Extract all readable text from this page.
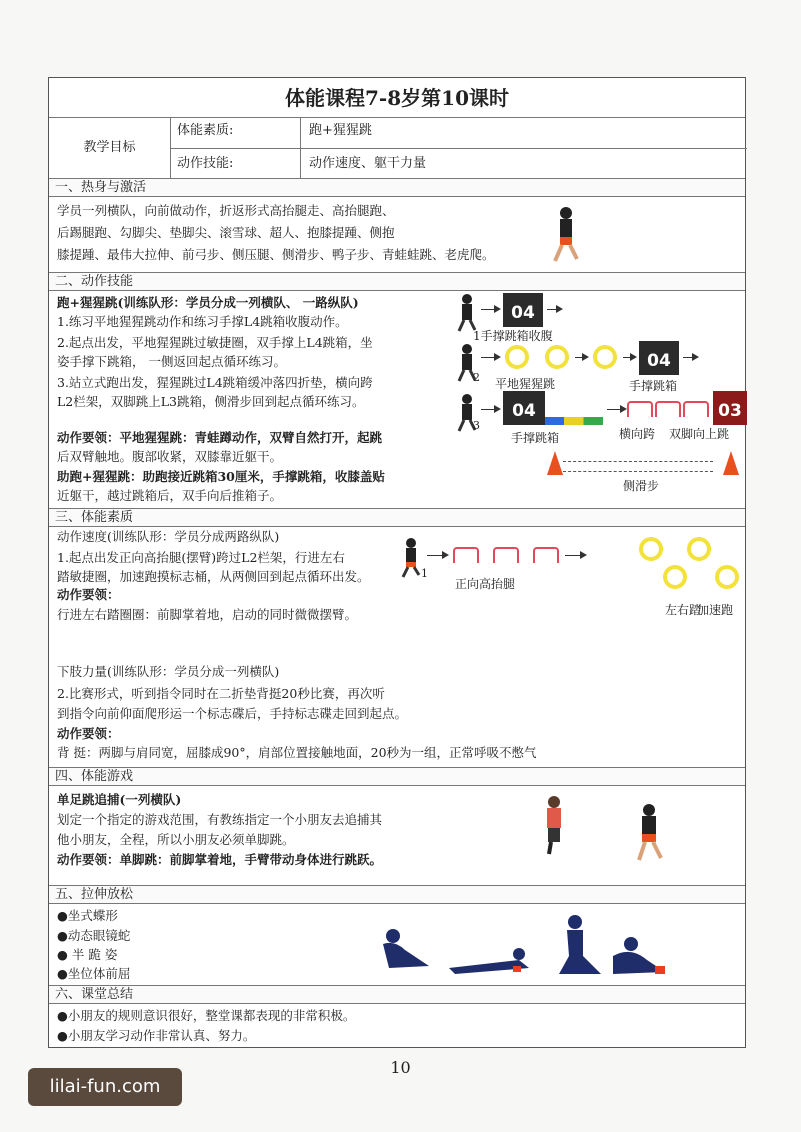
体能课程7-8岁第10课时
教学目标
体能素质:	跑+猩猩跳
动作技能:	动作速度、躯干力量
一、热身与激活
学员一列横队，向前做动作，折返形式高抬腿走、高抬腿跑、
后踢腿跑、勾脚尖、垫脚尖、滚雪球、超人、抱膝提踵、侧抱
膝提踵、最伟大拉伸、前弓步、侧压腿、侧滑步、鸭子步、青蛙蛙跳、老虎爬。
二、动作技能
跑+猩猩跳(训练队形：学员分成一列横队、 一路纵队)
1.练习平地猩猩跳动作和练习手撑L4跳箱收腹动作。
2.起点出发，平地猩猩跳过敏捷圈，双手撑上L4跳箱，坐
姿手撑下跳箱， 一侧返回起点循环练习。
3.站立式跑出发，猩猩跳过L4跳箱缓冲落四折垫，横向跨
L2栏架，双脚跳上L3跳箱，侧滑步回到起点循环练习。
动作要领：平地猩猩跳：青蛙蹲动作，双臂自然打开，起跳
后双臂触地。腹部收紧，双膝靠近躯干。
助跑+猩猩跳：助跑接近跳箱30厘米，手撑跳箱，收膝盖贴
近躯干，越过跳箱后，双手向后推箱子。
04
1手撑跳箱收腹
2
04
平地猩猩跳	手撑跳箱
3
04	03
手撑跳箱	横向跨 双脚向上跳
侧滑步
三、体能素质
动作速度(训练队形：学员分成两路纵队)
1.起点出发正向高抬腿(摆臂)跨过L2栏架，行进左右
踏敏捷圈，加速跑摸标志桶，从两侧回到起点循环出发。
动作要领：
行进左右踏圈圈：前脚掌着地，启动的同时微微摆臂。
下肢力量(训练队形：学员分成一列横队)
2.比赛形式，听到指令同时在二折垫背挺20秒比赛，再次听
到指令向前仰面爬形运一个标志碟后，手持标志碟走回到起点。
动作要领：
背 挺：两脚与肩同宽，屈膝成90°，肩部位置接触地面，20秒为一组，正常呼吸不憋气
1
正向高抬腿
左右踏
加速跑
四、体能游戏
单足跳追捕(一列横队)
划定一个指定的游戏范围，有教练指定一个小朋友去追捕其
他小朋友，全程，所以小朋友必须单脚跳。
动作要领：单脚跳：前脚掌着地，手臂带动身体进行跳跃。
五、拉伸放松
●坐式蝶形
●动态眼镜蛇
● 半 跪 姿
●坐位体前屈
六、课堂总结
●小朋友的规则意识很好，整堂课都表现的非常积极。
●小朋友学习动作非常认真、努力。
10
lilai-fun.com
